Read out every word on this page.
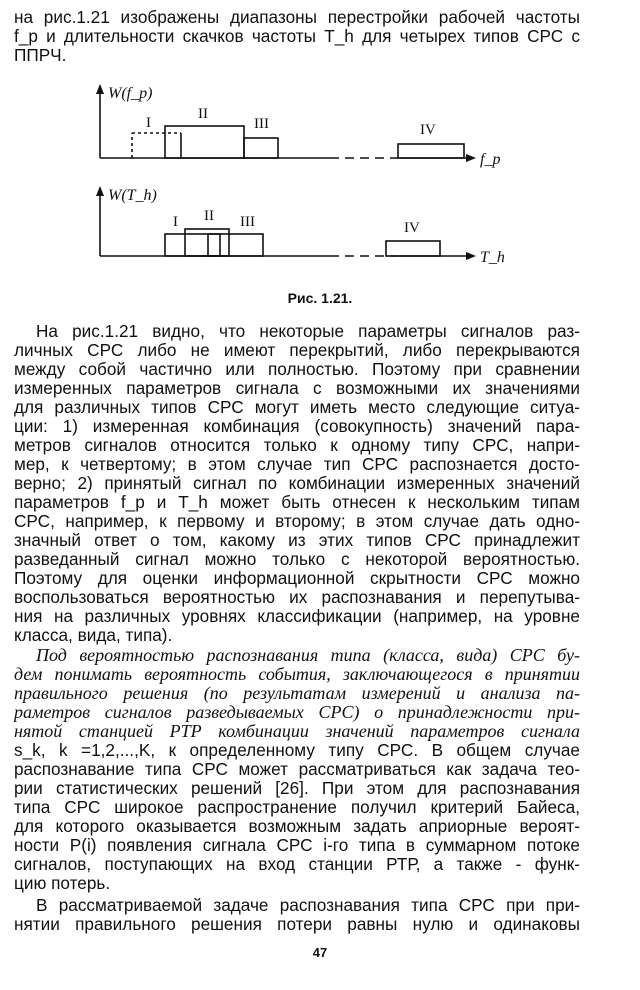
на рис.1.21 изображены диапазоны перестройки рабочей частоты
f_p и длительности скачков частоты T_h для четырех типов СРС с
ППРЧ.
W(f_p)
f_p
I
II
III	IV
W(T_h)
T_h
I II III	IV
Рис. 1.21.
На рис.1.21 видно, что некоторые параметры сигналов раз-
личных СРС либо не имеют перекрытий, либо перекрываются
между собой частично или полностью. Поэтому при сравнении
измеренных параметров сигнала с возможными их значениями
для различных типов СРС могут иметь место следующие ситуа-
ции: 1) измеренная комбинация (совокупность) значений пара-
метров сигналов относится только к одному типу СРС, напри-
мер, к четвертому; в этом случае тип СРС распознается досто-
верно; 2) принятый сигнал по комбинации измеренных значений
параметров f_p и T_h может быть отнесен к нескольким типам
СРС, например, к первому и второму; в этом случае дать одно-
значный ответ о том, какому из этих типов СРС принадлежит
разведанный сигнал можно только с некоторой вероятностью.
Поэтому для оценки информационной скрытности СРС можно
воспользоваться вероятностью их распознавания и перепутыва-
ния на различных уровнях классификации (например, на уровне
класса, вида, типа).
Под вероятностью распознавания типа (класса, вида) СРС бу-
дем понимать вероятность события, заключающегося в принятии
правильного решения (по результатам измерений и анализа па-
раметров сигналов разведываемых СРС) о принадлежности при-
нятой станцией РТР комбинации значений параметров сигнала
s_k, k =1,2,...,K, к определенному типу СРС. В общем случае
распознавание типа СРС может рассматриваться как задача тео-
рии статистических решений [26]. При этом для распознавания
типа СРС широкое распространение получил критерий Байеса,
для которого оказывается возможным задать априорные вероят-
ности P(i) появления сигнала СРС i-го типа в суммарном потоке
сигналов, поступающих на вход станции РТР, а также - функ-
цию потерь.
В рассматриваемой задаче распознавания типа СРС при при-
нятии правильного решения потери равны нулю и одинаковы
47
